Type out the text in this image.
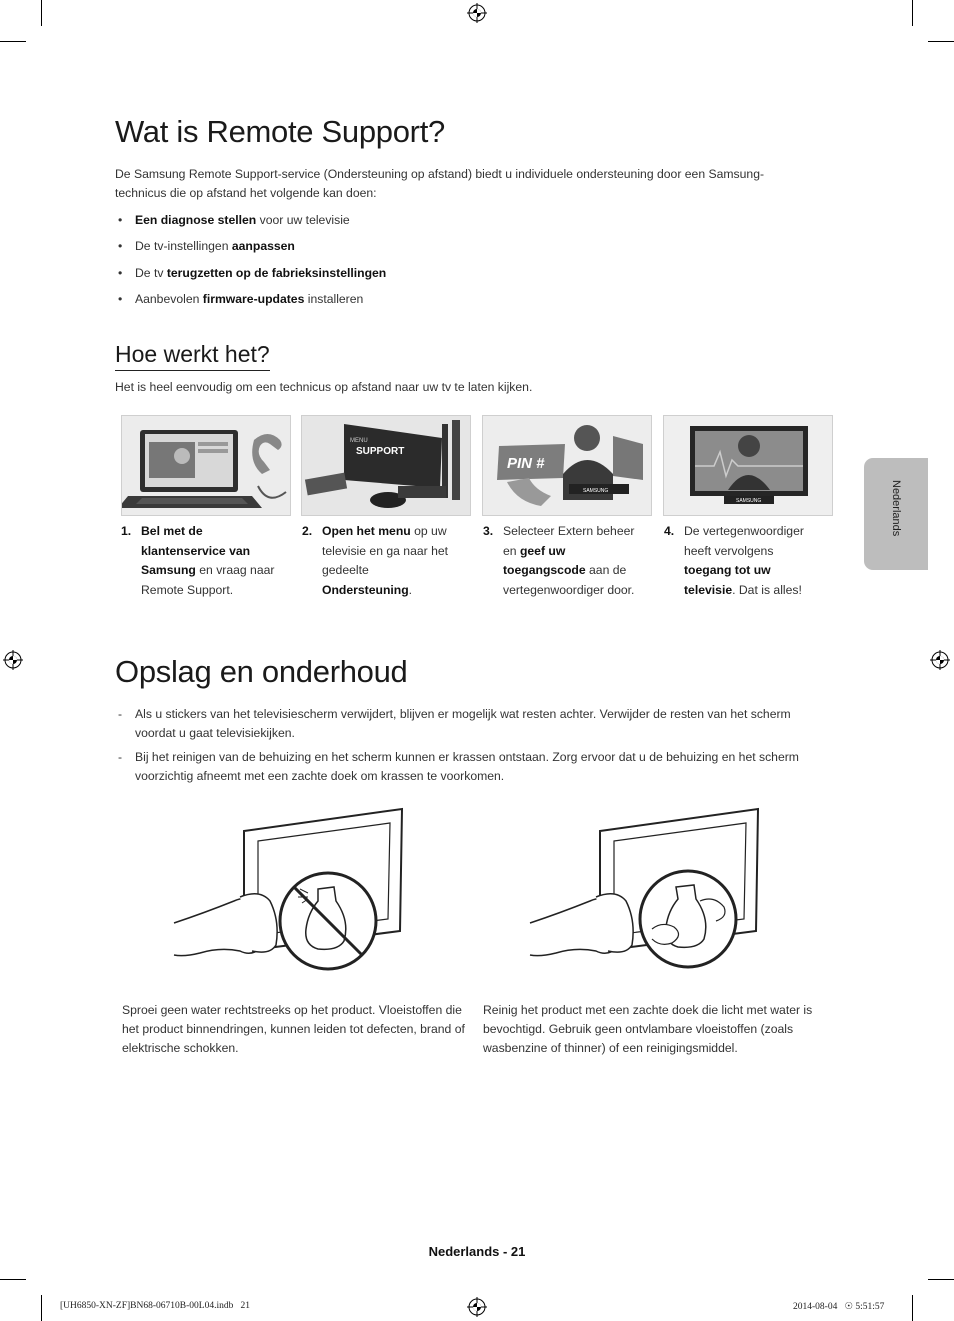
Wat is Remote Support?

De Samsung Remote Support-service (Ondersteuning op afstand) biedt u individuele ondersteuning door een Samsung-technicus die op afstand het volgende kan doen:

• Een diagnose stellen voor uw televisie
• De tv-instellingen aanpassen
• De tv terugzetten op de fabrieksinstellingen
• Aanbevolen firmware-updates installeren
Hoe werkt het?

Het is heel eenvoudig om een technicus op afstand naar uw tv te laten kijken.

MENU
SUPPORT
PIN #
SAMSUNG
SAMSUNG
1. Bel met de klantenservice van Samsung en vraag naar Remote Support.
2. Open het menu op uw televisie en ga naar het gedeelte Ondersteuning.
3. Selecteer Extern beheer en geef uw toegangscode aan de vertegenwoordiger door.
4. De vertegenwoordiger heeft vervolgens toegang tot uw televisie. Dat is alles!
Opslag en onderhoud
- Als u stickers van het televisiescherm verwijdert, blijven er mogelijk wat resten achter. Verwijder de resten van het scherm voordat u gaat televisiekijken.
- Bij het reinigen van de behuizing en het scherm kunnen er krassen ontstaan. Zorg ervoor dat u de behuizing en het scherm voorzichtig afneemt met een zachte doek om krassen te voorkomen.

Sproei geen water rechtstreeks op het product. Vloeistoffen die het product binnendringen, kunnen leiden tot defecten, brand of elektrische schokken.

Reinig het product met een zachte doek die licht met water is bevochtigd. Gebruik geen ontvlambare vloeistoffen (zoals wasbenzine of thinner) of een reinigingsmiddel.

Nederlands
Nederlands - 21
[UH6850-XN-ZF]BN68-06710B-00L04.indb   21	2014-08-04   ☉ 5:51:57
